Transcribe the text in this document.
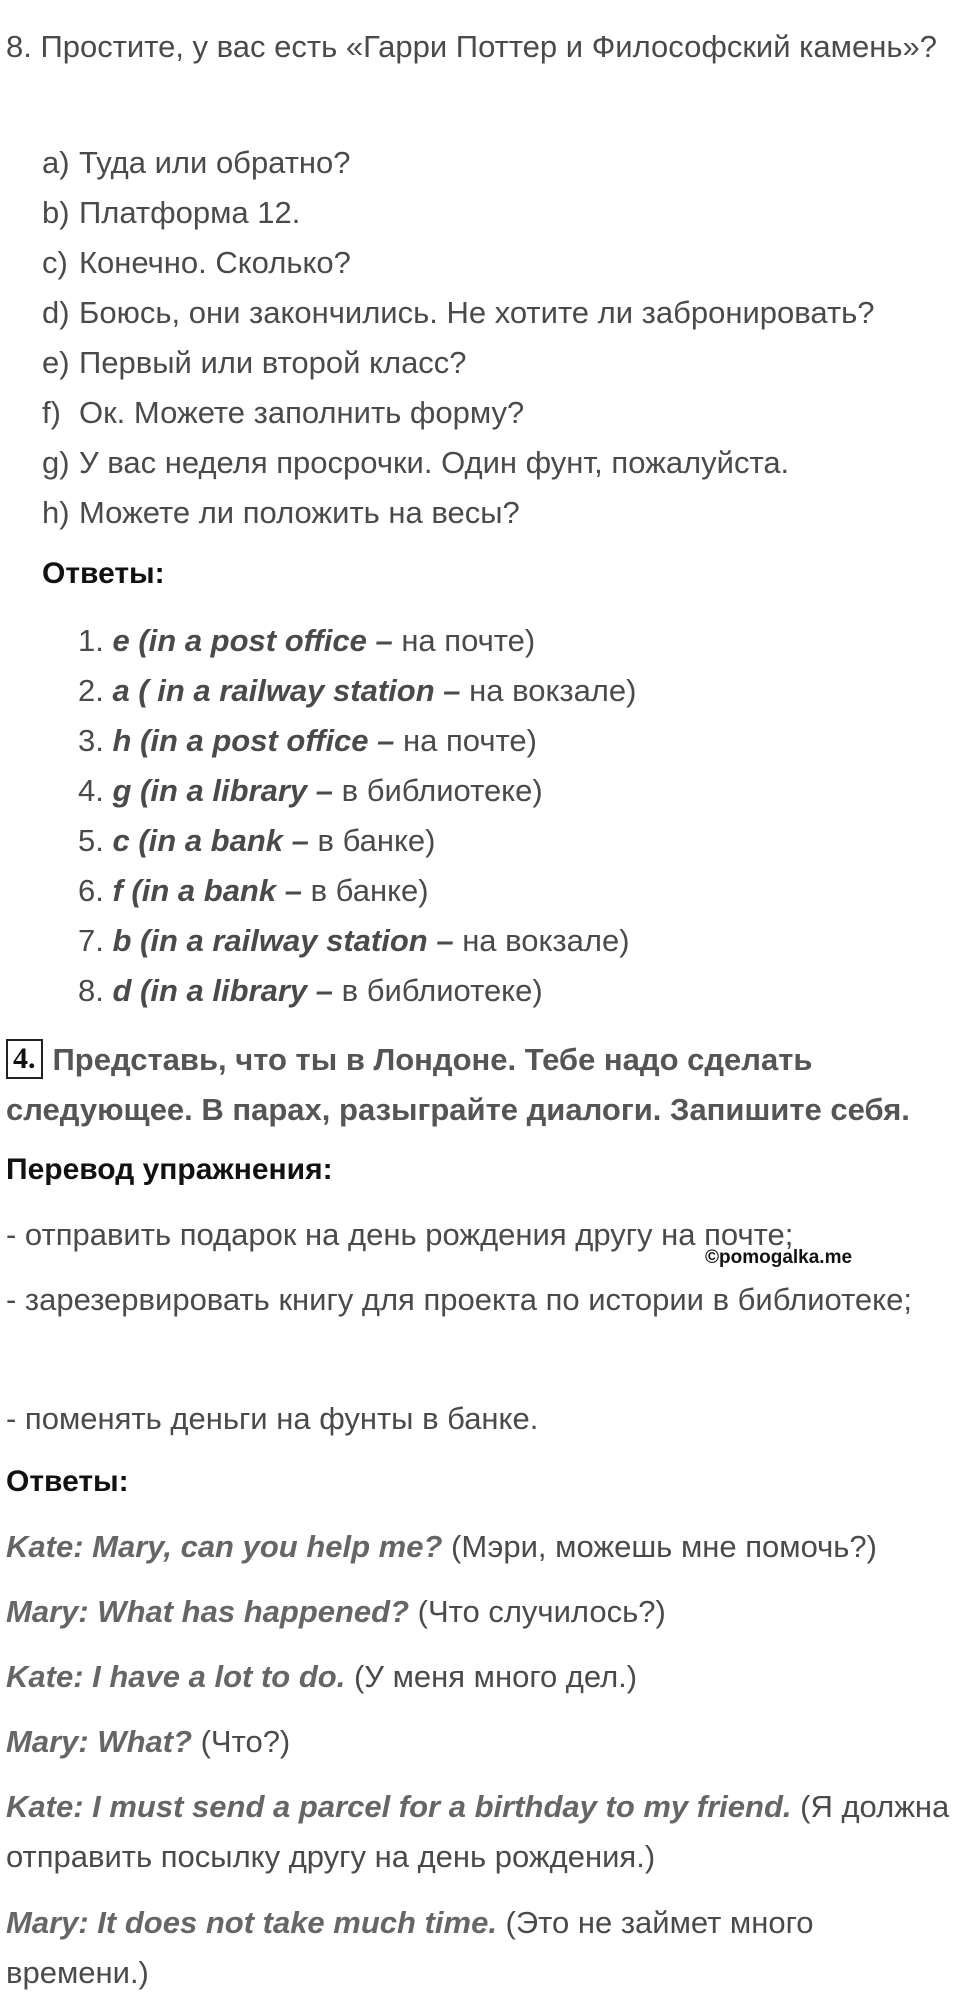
8. Простите, у вас есть «Гарри Поттер и Философский камень»?
a) Туда или обратно?
b) Платформа 12.
c) Конечно. Сколько?
d) Боюсь, они закончились. Не хотите ли забронировать?
e) Первый или второй класс?
f) Ок. Можете заполнить форму?
g) У вас неделя просрочки. Один фунт, пожалуйста.
h) Можете ли положить на весы?
Ответы:
1. e (in a post office – на почте)
2. a ( in a railway station – на вокзале)
3. h (in a post office – на почте)
4. g (in a library – в библиотеке)
5. c (in a bank – в банке)
6. f (in a bank – в банке)
7. b (in a railway station – на вокзале)
8. d (in a library – в библиотеке)
4. Представь, что ты в Лондоне. Тебе надо сделать следующее. В парах, разыграйте диалоги. Запишите себя.
Перевод упражнения:
- отправить подарок на день рождения другу на почте;
©pomogalka.me
- зарезервировать книгу для проекта по истории в библиотеке;
- поменять деньги на фунты в банке.
Ответы:
Kate: Mary, can you help me? (Мэри, можешь мне помочь?)
Mary: What has happened? (Что случилось?)
Kate: I have a lot to do. (У меня много дел.)
Mary: What? (Что?)
Kate: I must send a parcel for a birthday to my friend. (Я должна отправить посылку другу на день рождения.)
Mary: It does not take much time. (Это не займет много времени.)
